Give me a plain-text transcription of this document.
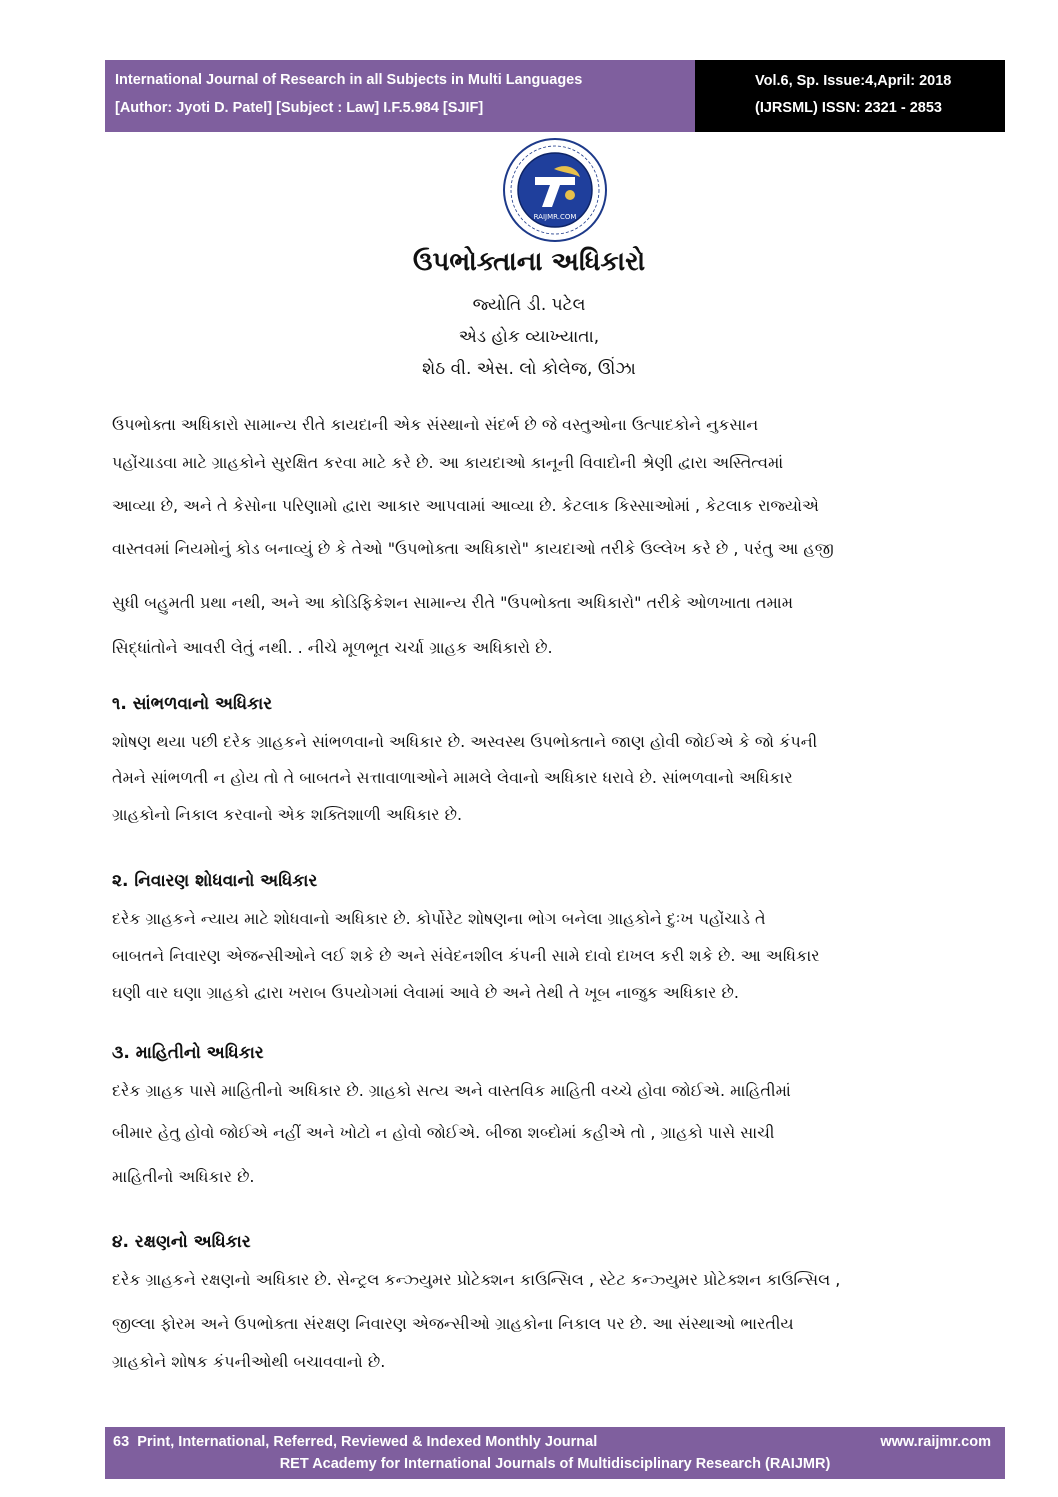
International Journal of Research in all Subjects in Multi Languages
[Author: Jyoti D. Patel] [Subject : Law] I.F.5.984 [SJIF]
Vol.6, Sp. Issue:4,April: 2018
(IJRSML) ISSN: 2321 - 2853
RAIJMR.COM
ઉપભોક્તાના અધિકારો
જ્યોતિ ડી. પટેલ
એડ હોક વ્યાખ્યાતા,
શેઠ વી. એસ. લો કોલેજ, ઊંઝા
ઉપભોક્તા અધિકારો સામાન્ય રીતે કાયદાની એક સંસ્થાનો સંદર્ભ છે જે વસ્તુઓના ઉત્પાદકોને નુકસાન
પહોંચાડવા માટે ગ્રાહકોને સુરક્ષિત કરવા માટે કરે છે. આ કાયદાઓ કાનૂની વિવાદોની શ્રેણી દ્વારા અસ્તિત્વમાં
આવ્યા છે, અને તે કેસોના પરિણામો દ્વારા આકાર આપવામાં આવ્યા છે. કેટલાક કિસ્સાઓમાં , કેટલાક રાજ્યોએ
વાસ્તવમાં નિયમોનું કોડ બનાવ્યું છે કે તેઓ "ઉપભોક્તા અધિકારો" કાયદાઓ તરીકે ઉલ્લેખ કરે છે , પરંતુ આ હજી
સુધી બહુમતી પ્રથા નથી, અને આ કોડિફિકેશન સામાન્ય રીતે "ઉપભોક્તા અધિકારો" તરીકે ઓળખાતા તમામ
સિદ્ધાંતોને આવરી લેતું નથી. . નીચે મૂળભૂત ચર્ચા ગ્રાહક અધિકારો છે.
૧. સાંભળવાનો અધિકાર
શોષણ થયા પછી દરેક ગ્રાહકને સાંભળવાનો અધિકાર છે. અસ્વસ્થ ઉપભોક્તાને જાણ હોવી જોઈએ કે જો કંપની
તેમને સાંભળતી ન હોય તો તે બાબતને સત્તાવાળાઓને મામલે લેવાનો અધિકાર ધરાવે છે. સાંભળવાનો અધિકાર
ગ્રાહકોનો નિકાલ કરવાનો એક શક્તિશાળી અધિકાર છે.
૨. નિવારણ શોધવાનો અધિકાર
દરેક ગ્રાહકને ન્યાય માટે શોધવાનો અધિકાર છે. કોર્પોરેટ શોષણના ભોગ બનેલા ગ્રાહકોને દુઃખ પહોંચાડે તે
બાબતને નિવારણ એજન્સીઓને લઈ શકે છે અને સંવેદનશીલ કંપની સામે દાવો દાખલ કરી શકે છે. આ અધિકાર
ઘણી વાર ઘણા ગ્રાહકો દ્વારા ખરાબ ઉપયોગમાં લેવામાં આવે છે અને તેથી તે ખૂબ નાજુક અધિકાર છે.
૩. માહિતીનો અધિકાર
દરેક ગ્રાહક પાસે માહિતીનો અધિકાર છે. ગ્રાહકો સત્ય અને વાસ્તવિક માહિતી વચ્ચે હોવા જોઈએ. માહિતીમાં
બીમાર હેતુ હોવો જોઈએ નહીં અને ખોટો ન હોવો જોઈએ. બીજા શબ્દોમાં કહીએ તો , ગ્રાહકો પાસે સાચી
માહિતીનો અધિકાર છે.
૪. રક્ષણનો અધિકાર
દરેક ગ્રાહકને રક્ષણનો અધિકાર છે. સેન્ટ્રલ કન્ઝ્યુમર પ્રોટેક્શન કાઉન્સિલ , સ્ટેટ કન્ઝ્યુમર પ્રોટેક્શન કાઉન્સિલ ,
જીલ્લા ફોરમ અને ઉપભોક્તા સંરક્ષણ નિવારણ એજન્સીઓ ગ્રાહકોના નિકાલ પર છે. આ સંસ્થાઓ ભારતીય
ગ્રાહકોને શોષક કંપનીઓથી બચાવવાનો છે.
63 Print, International, Referred, Reviewed & Indexed Monthly Journal	www.raijmr.com
RET Academy for International Journals of Multidisciplinary Research (RAIJMR)
